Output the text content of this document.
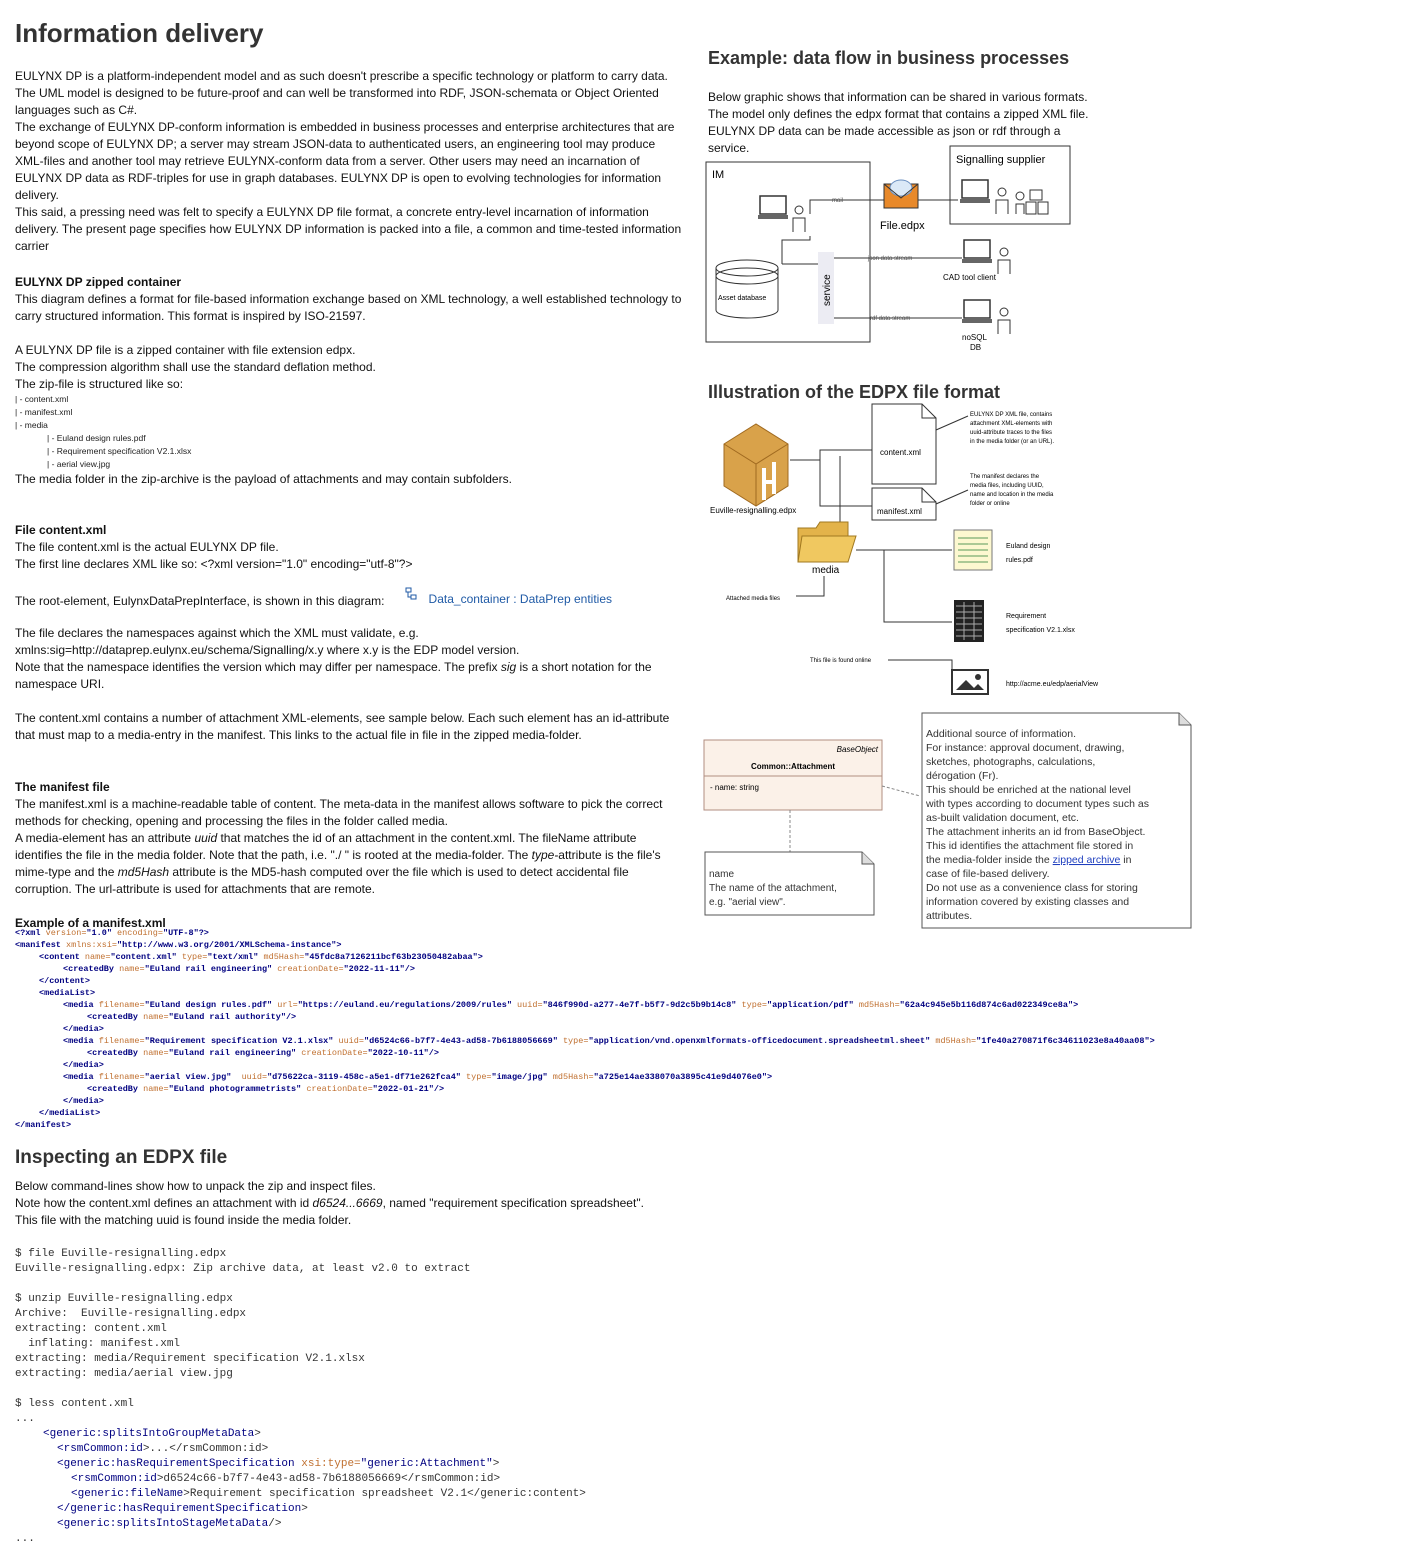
Information delivery

EULYNX DP is a platform-independent model and as such doesn't prescribe a specific technology or platform to carry data. The UML model is designed to be future-proof and can well be transformed into RDF, JSON-schemata or Object Oriented languages such as C#.

The exchange of EULYNX DP-conform information is embedded in business processes and enterprise architectures that are beyond scope of EULYNX DP; a server may stream JSON-data to authenticated users, an engineering tool may produce XML-files and another tool may retrieve EULYNX-conform data from a server. Other users may need an incarnation of EULYNX DP data as RDF-triples for use in graph databases. EULYNX DP is open to evolving technologies for information delivery.

This said, a pressing need was felt to specify a EULYNX DP file format, a concrete entry-level incarnation of information delivery. The present page specifies how EULYNX DP information is packed into a file, a common and time-tested information carrier

EULYNX DP zipped container

This diagram defines a format for file-based information exchange based on XML technology, a well established technology to carry structured information. This format is inspired by ISO-21597.

A EULYNX DP file is a zipped container with file extension edpx.

The compression algorithm shall use the standard deflation method.

The zip-file is structured like so:

| - content.xml
| - manifest.xml
| - media
| - Euland design rules.pdf
| - Requirement specification V2.1.xlsx
| - aerial view.jpg

The media folder in the zip-archive is the payload of attachments and may contain subfolders.

File content.xml

The file content.xml is the actual EULYNX DP file.

The first line declares XML like so: <?xml version="1.0" encoding="utf-8"?>

The root-element, EulynxDataPrepInterface, is shown in this diagram:	Data_container : DataPrep entities

The file declares the namespaces against which the XML must validate, e.g.

xmlns:sig=http://dataprep.eulynx.eu/schema/Signalling/x.y where x.y is the EDP model version.

Note that the namespace identifies the version which may differ per namespace. The prefix sig is a short notation for the namespace URI.

The content.xml contains a number of attachment XML-elements, see sample below. Each such element has an id-attribute that must map to a media-entry in the manifest. This links to the actual file in file in the zipped media-folder.

The manifest file

The manifest.xml is a machine-readable table of content. The meta-data in the manifest allows software to pick the correct methods for checking, opening and processing the files in the folder called media.

A media-element has an attribute uuid that matches the id of an attachment in the content.xml. The fileName attribute identifies the file in the media folder. Note that the path, i.e. "./ " is rooted at the media-folder. The type-attribute is the file's mime-type and the md5Hash attribute is the MD5-hash computed over the file which is used to detect accidental file corruption. The url-attribute is used for attachments that are remote.

Example of a manifest.xml

<?xml version="1.0" encoding="UTF-8"?>
<manifest xmlns:xsi="http://www.w3.org/2001/XMLSchema-instance">
<content name="content.xml" type="text/xml" md5Hash="45fdc8a7126211bcf63b23050482abaa">
<createdBy name="Euland rail engineering" creationDate="2022-11-11"/>
</content>
<mediaList>
<media filename="Euland design rules.pdf" url="https://euland.eu/regulations/2009/rules" uuid="846f990d-a277-4e7f-b5f7-9d2c5b9b14c8" type="application/pdf" md5Hash="62a4c945e5b116d874c6ad022349ce8a">
<createdBy name="Euland rail authority"/>
</media>
<media filename="Requirement specification V2.1.xlsx" uuid="d6524c66-b7f7-4e43-ad58-7b6188056669" type="application/vnd.openxmlformats-officedocument.spreadsheetml.sheet" md5Hash="1fe40a270871f6c34611023e8a40aa08">
<createdBy name="Euland rail engineering" creationDate="2022-10-11"/>
</media>
<media filename="aerial view.jpg" uuid="d75622ca-3119-458c-a5e1-df71e262fca4" type="image/jpg" md5Hash="a725e14ae338070a3895c41e9d4076e0">
<createdBy name="Euland photogrammetrists" creationDate="2022-01-21"/>
</media>
</mediaList>
</manifest>
Inspecting an EDPX file

Below command-lines show how to unpack the zip and inspect files.

Note how the content.xml defines an attachment with id d6524...6669, named "requirement specification spreadsheet". This file with the matching uuid is found inside the media folder.

$ file Euville-resignalling.edpx
Euville-resignalling.edpx: Zip archive data, at least v2.0 to extract

$ unzip Euville-resignalling.edpx
Archive:  Euville-resignalling.edpx
extracting: content.xml
inflating: manifest.xml
extracting: media/Requirement specification V2.1.xlsx
extracting: media/aerial view.jpg

$ less content.xml
...
<generic:splitsIntoGroupMetaData>
<rsmCommon:id>...</rsmCommon:id>
<generic:hasRequirementSpecification xsi:type="generic:Attachment">
<rsmCommon:id>d6524c66-b7f7-4e43-ad58-7b6188056669</rsmCommon:id>
<generic:fileName>Requirement specification spreadsheet V2.1</generic:content>
</generic:hasRequirementSpecification>
<generic:splitsIntoStageMetaData/>
...
Example: data flow in business processes

Below graphic shows that information can be shared in various formats. The model only defines the edpx format that contains a zipped XML file. EULYNX DP data can be made accessible as json or rdf through a service.

IM
Signalling supplier
File.edpx
mail
Asset database	service
json data stream
rdf data stream
CAD tool client
noSQL
DB
Illustration of the EDPX file format
Euville-resignalling.edpx
content.xml
manifest.xml
EULYNX DP XML file, contains
attachment XML-elements with
uuid-attribute traces to the files
in the media folder (or an URL).
The manifest declares the
media files, including UUID,
name and location in the media
folder or online
media
Attached media files
This file is found online
Euland design
rules.pdf
Requirement
specification V2.1.xlsx
http://acme.eu/edp/aerialView
BaseObject
Common::Attachment
- name: string
name
The name of the attachment,
e.g. "aerial view".
Additional source of information.
For instance: approval document, drawing,
sketches, photographs, calculations,
dérogation (Fr).
This should be enriched at the national level
with types according to document types such as
as-built validation document, etc.
The attachment inherits an id from BaseObject.
This id identifies the attachment file stored in
the media-folder inside the zipped archive in
case of file-based delivery.
Do not use as a convenience class for storing
information covered by existing classes and
attributes.
